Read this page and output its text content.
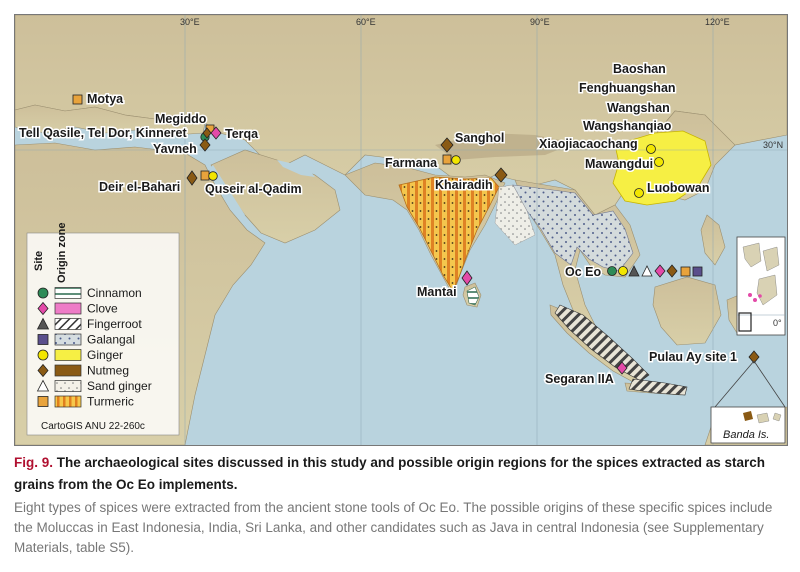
30°E	60°E	90°E	120°E
30°N
0°
Banda Is.
Motya
Megiddo
Tell Qasile, Tel Dor, Kinneret	Terqa
Yavneh
Deir el-Bahari Quseir al-Qadim
Sanghol
Farmana
Khairadih
Mantai
Baoshan
Fenghuangshan
Wangshan
Wangshanqiao
Xiaojiacaochang
Mawangdui
Luobowan
Oc Eo
Pulau Ay site 1
Segaran IIA
Site Origin zone
Cinnamon
Clove
Fingerroot
Galangal
Ginger
Nutmeg
Sand ginger
Turmeric
CartoGIS ANU 22-260c
Fig. 9. The archaeological sites discussed in this study and possible origin regions for the spices extracted as starch grains from the Oc Eo implements.
Eight types of spices were extracted from the ancient stone tools of Oc Eo. The possible origins of these specific spices include the Moluccas in East Indonesia, India, Sri Lanka, and other candidates such as Java in central Indonesia (see Supplementary Materials, table S5).
